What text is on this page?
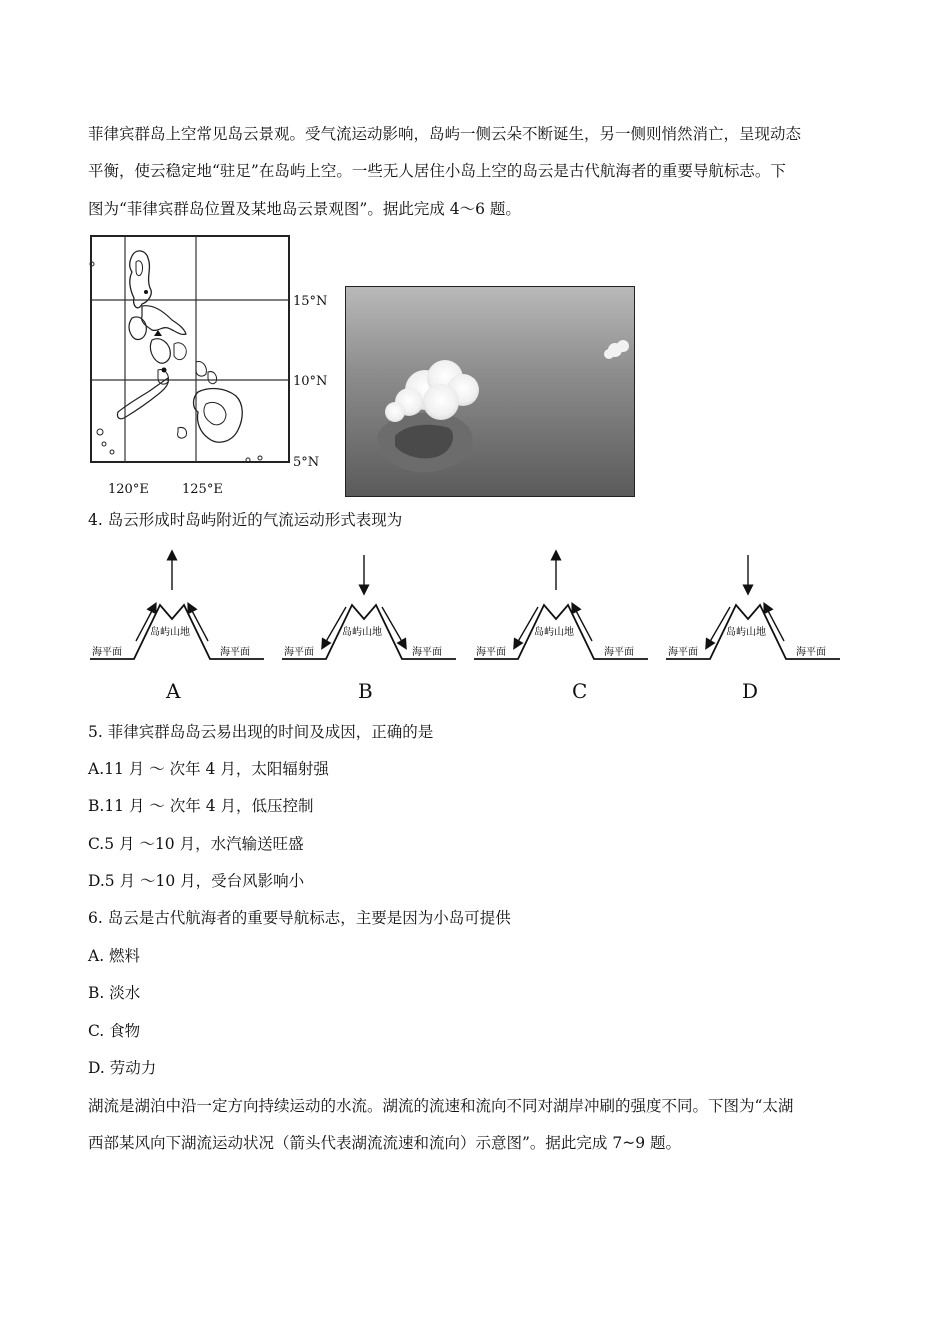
菲律宾群岛上空常见岛云景观。受气流运动影响，岛屿一侧云朵不断诞生，另一侧则悄然消亡，呈现动态
平衡，使云稳定地“驻足”在岛屿上空。一些无人居住小岛上空的岛云是古代航海者的重要导航标志。下
图为“菲律宾群岛位置及某地岛云景观图”。据此完成 4～6 题。
15°N
10°N
5°N
120°E	125°E
4. 岛云形成时岛屿附近的气流运动形式表现为
海平面
岛屿山地
海平面
A
海平面
岛屿山地
海平面
B
海平面
岛屿山地
海平面
C
海平面
岛屿山地
海平面
D
5. 菲律宾群岛岛云易出现的时间及成因，正确的是
A.11 月 ～ 次年 4 月，太阳辐射强
B.11 月 ～ 次年 4 月，低压控制
C.5 月 ～10 月，水汽输送旺盛
D.5 月 ～10 月，受台风影响小
6. 岛云是古代航海者的重要导航标志，主要是因为小岛可提供
A. 燃料
B. 淡水
C. 食物
D. 劳动力
湖流是湖泊中沿一定方向持续运动的水流。湖流的流速和流向不同对湖岸冲刷的强度不同。下图为“太湖
西部某风向下湖流运动状况（箭头代表湖流流速和流向）示意图”。据此完成 7~9 题。
